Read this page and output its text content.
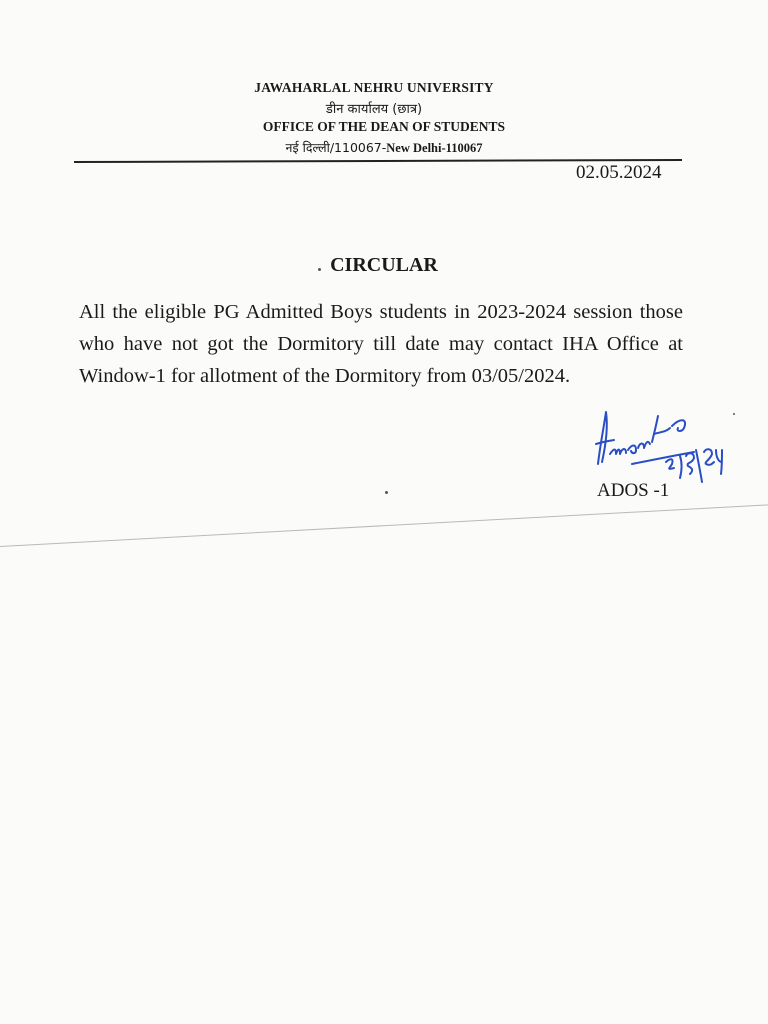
JAWAHARLAL NEHRU UNIVERSITY
डीन कार्यालय (छात्र)
OFFICE OF THE DEAN OF STUDENTS
नई दिल्ली/110067-New Delhi-110067
02.05.2024
CIRCULAR
All the eligible PG Admitted Boys students in 2023-2024 session those who have not got the Dormitory till date may contact IHA Office at Window-1 for allotment of the Dormitory from 03/05/2024.
ADOS -1
